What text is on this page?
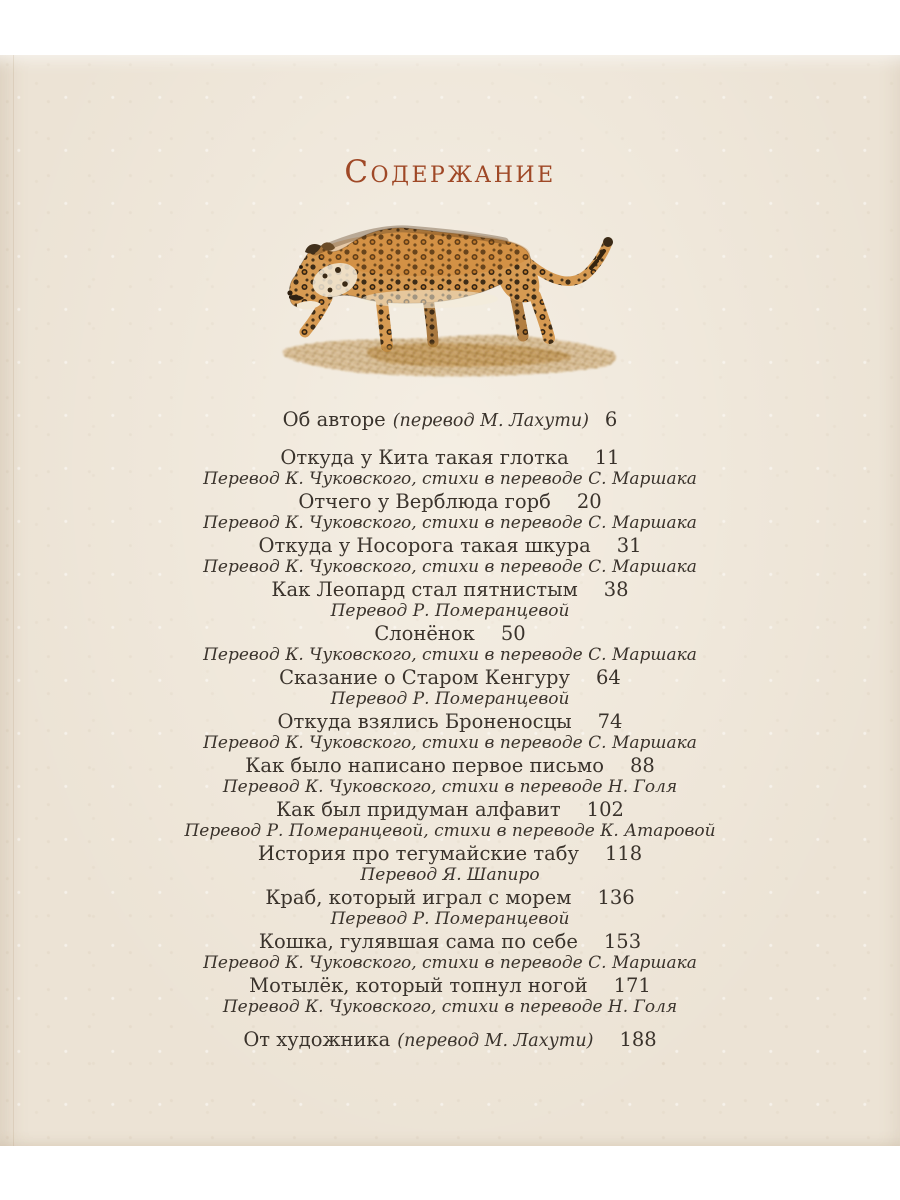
Содержание
Об авторе (перевод М. Лахути) 6
Откуда у Кита такая глотка 11
Перевод К. Чуковского, стихи в переводе С. Маршака
Отчего у Верблюда горб 20
Перевод К. Чуковского, стихи в переводе С. Маршака
Откуда у Носорога такая шкура 31
Перевод К. Чуковского, стихи в переводе С. Маршака
Как Леопард стал пятнистым 38
Перевод Р. Померанцевой
Слонёнок 50
Перевод К. Чуковского, стихи в переводе С. Маршака
Сказание о Старом Кенгуру 64
Перевод Р. Померанцевой
Откуда взялись Броненосцы 74
Перевод К. Чуковского, стихи в переводе С. Маршака
Как было написано первое письмо 88
Перевод К. Чуковского, стихи в переводе Н. Голя
Как был придуман алфавит 102
Перевод Р. Померанцевой, стихи в переводе К. Атаровой
История про тегумайские табу 118
Перевод Я. Шапиро
Краб, который играл с морем 136
Перевод Р. Померанцевой
Кошка, гулявшая сама по себе 153
Перевод К. Чуковского, стихи в переводе С. Маршака
Мотылёк, который топнул ногой 171
Перевод К. Чуковского, стихи в переводе Н. Голя
От художника (перевод М. Лахути) 188
